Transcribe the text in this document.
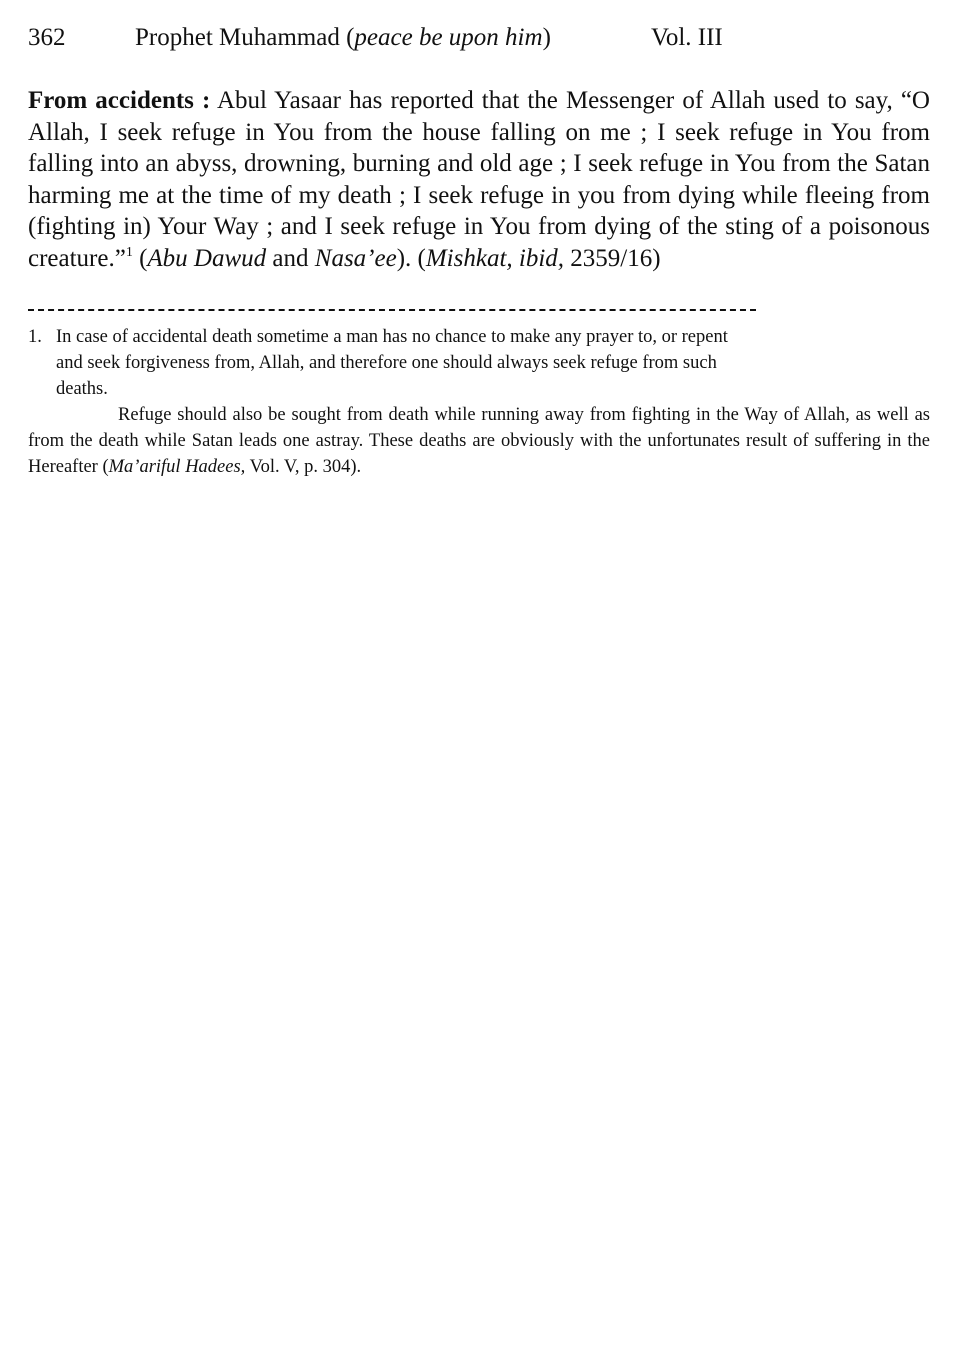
362	Prophet Muhammad (peace be upon him)	Vol. III
From accidents : Abul Yasaar has reported that the Messenger of Allah used to say, “O Allah, I seek refuge in You from the house falling on me ; I seek refuge in You from falling into an abyss, drowning, burning and old age ; I seek refuge in You from the Satan harming me at the time of my death ; I seek refuge in you from dying while fleeing from (fighting in) Your Way ; and I seek refuge in You from dying of the sting of a poisonous creature.”$^1$ (Abu Dawud and Nasa’ee). (Mishkat, ibid, 2359/16)
1. In case of accidental death sometime a man has no chance to make any prayer to, or repent and seek forgiveness from, Allah, and therefore one should always seek refuge from such deaths.
Refuge should also be sought from death while running away from fighting in the Way of Allah, as well as from the death while Satan leads one astray. These deaths are obviously with the unfortunates result of suffering in the Hereafter (Ma’ariful Hadees, Vol. V, p. 304).
